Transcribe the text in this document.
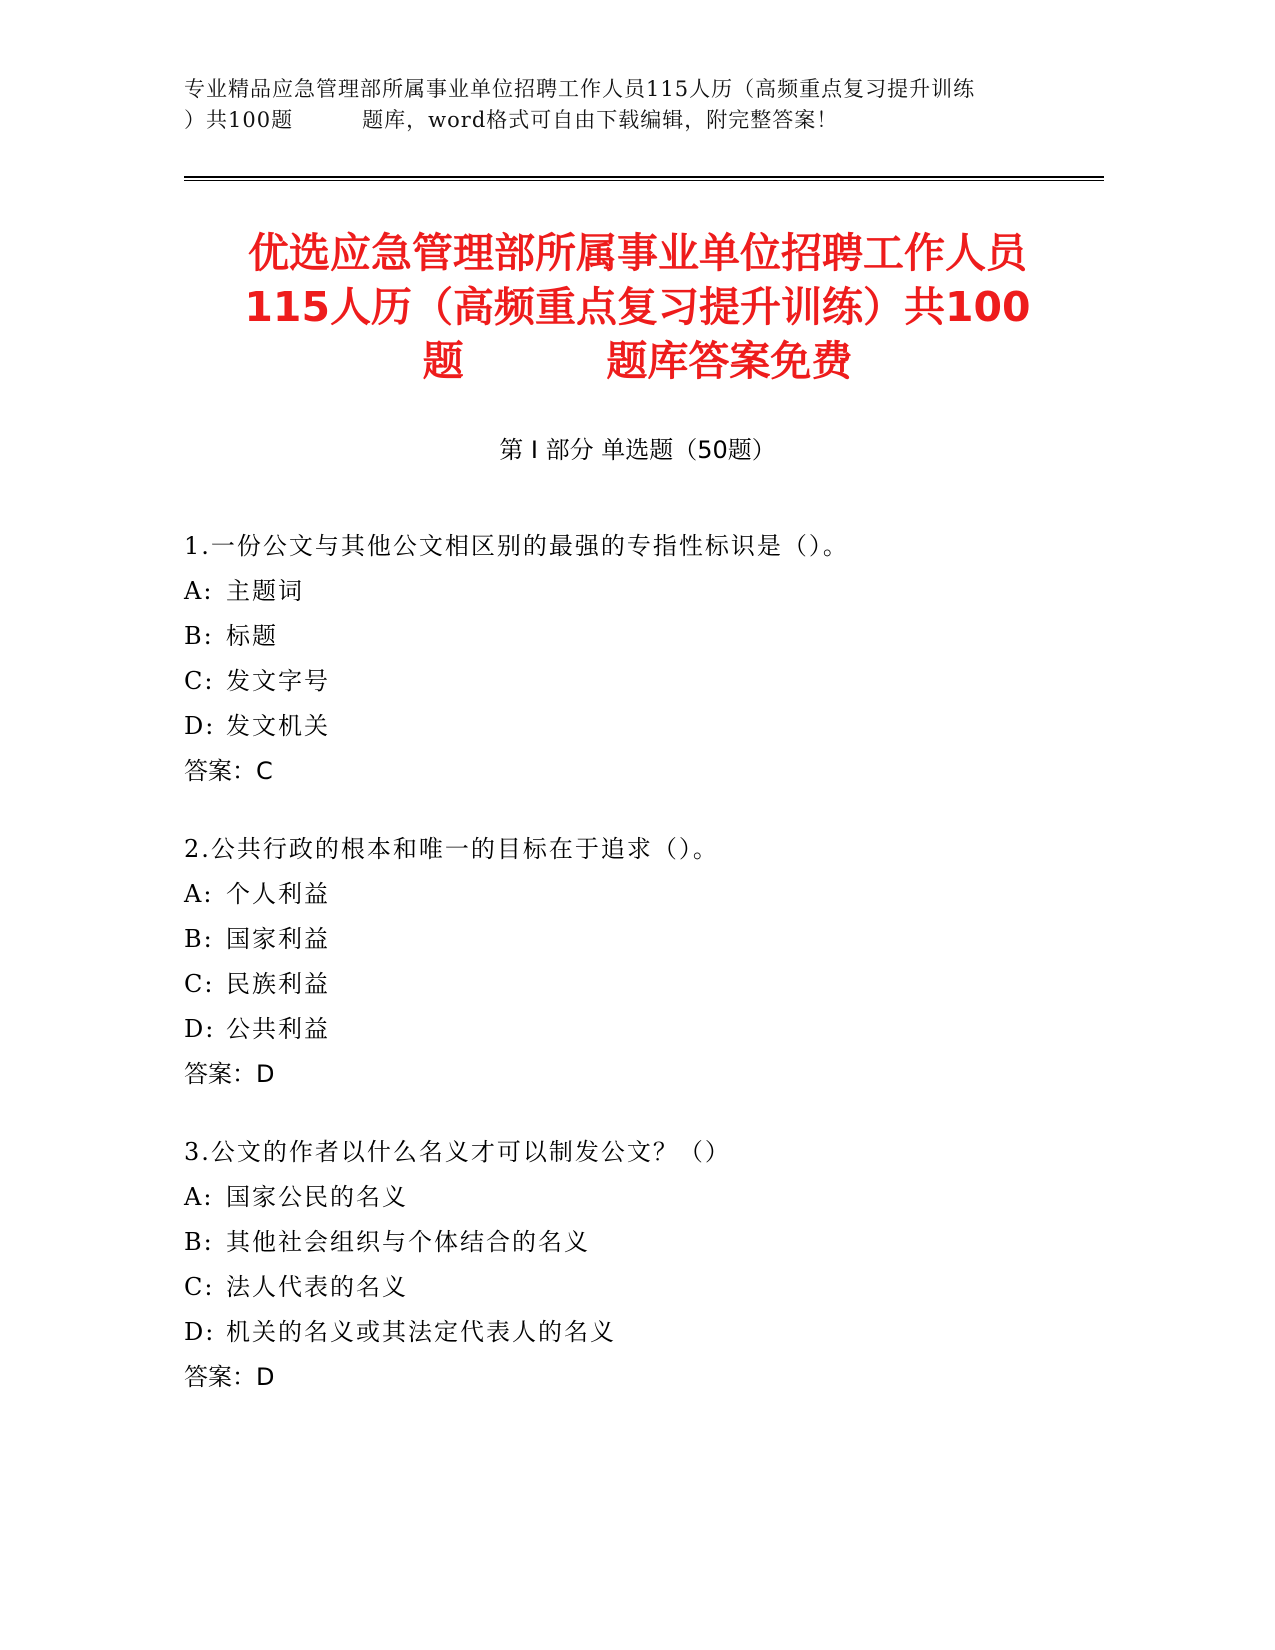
专业精品应急管理部所属事业单位招聘工作人员115人历（高频重点复习提升训练
）共100题         题库，word格式可自由下载编辑，附完整答案！
优选应急管理部所属事业单位招聘工作人员
115人历（高频重点复习提升训练）共100
题          题库答案免费
第 I 部分 单选题（50题）
1.一份公文与其他公文相区别的最强的专指性标识是（）。
A: 主题词
B: 标题
C: 发文字号
D: 发文机关
答案：C
2.公共行政的根本和唯一的目标在于追求（）。
A: 个人利益
B: 国家利益
C: 民族利益
D: 公共利益
答案：D
3.公文的作者以什么名义才可以制发公文？（）
A: 国家公民的名义
B: 其他社会组织与个体结合的名义
C: 法人代表的名义
D: 机关的名义或其法定代表人的名义
答案：D
